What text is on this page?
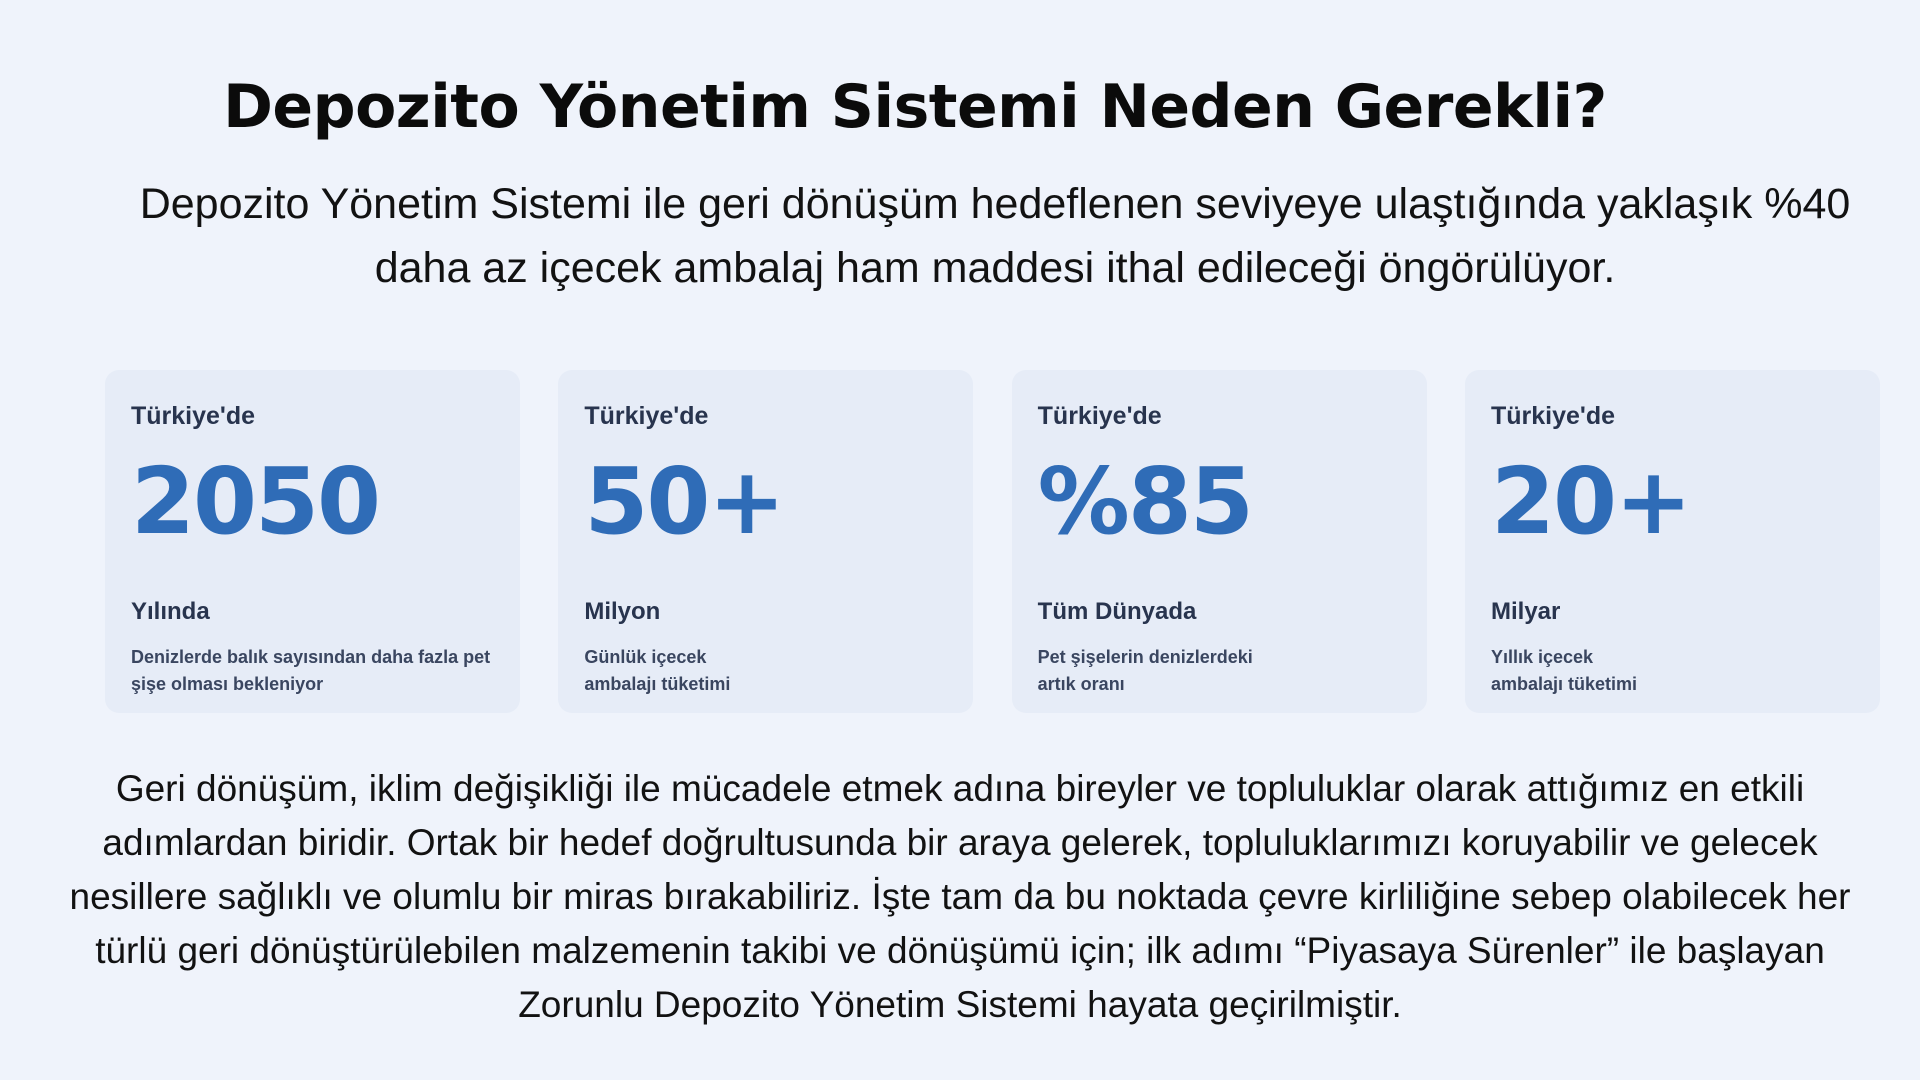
Depozito Yönetim Sistemi Neden Gerekli?

Depozito Yönetim Sistemi ile geri dönüşüm hedeflenen seviyeye ulaştığında yaklaşık %40 daha az içecek ambalaj ham maddesi ithal edileceği öngörülüyor.

Türkiye'de

2050

Yılında

Denizlerde balık sayısından daha fazla pet şişe olması bekleniyor

Türkiye'de

50+

Milyon

Günlük içecek ambalajı tüketimi

Türkiye'de

%85

Tüm Dünyada

Pet şişelerin denizlerdeki artık oranı

Türkiye'de

20+

Milyar

Yıllık içecek ambalajı tüketimi

Geri dönüşüm, iklim değişikliği ile mücadele etmek adına bireyler ve topluluklar olarak attığımız en etkili adımlardan biridir. Ortak bir hedef doğrultusunda bir araya gelerek, topluluklarımızı koruyabilir ve gelecek nesillere sağlıklı ve olumlu bir miras bırakabiliriz. İşte tam da bu noktada çevre kirliliğine sebep olabilecek her türlü geri dönüştürülebilen malzemenin takibi ve dönüşümü için; ilk adımı “Piyasaya Sürenler” ile başlayan Zorunlu Depozito Yönetim Sistemi hayata geçirilmiştir.
